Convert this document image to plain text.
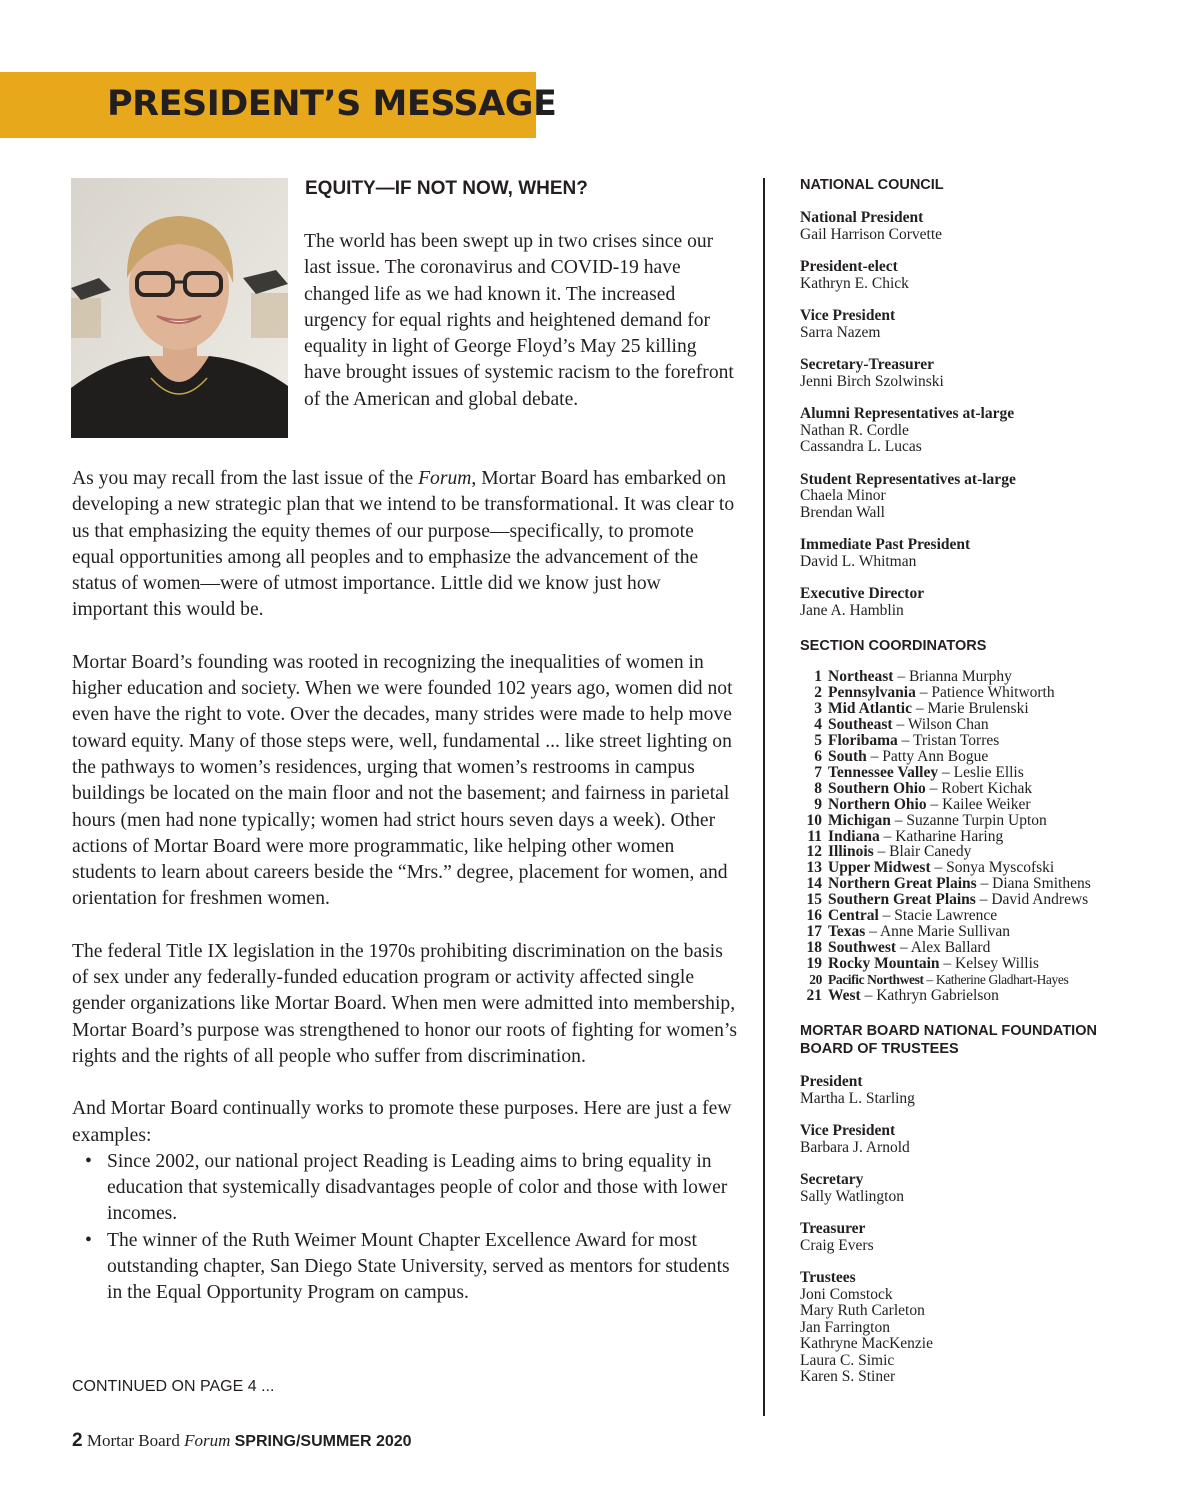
PRESIDENT’S MESSAGE
EQUITY—IF NOT NOW, WHEN?

The world has been swept up in two crises since our last issue. The coronavirus and COVID-19 have changed life as we had known it. The increased urgency for equal rights and heightened demand for equality in light of George Floyd’s May 25 killing have brought issues of systemic racism to the forefront of the American and global debate.

As you may recall from the last issue of the Forum, Mortar Board has embarked on developing a new strategic plan that we intend to be transformational. It was clear to us that emphasizing the equity themes of our purpose—specifically, to promote equal opportunities among all peoples and to emphasize the advancement of the status of women—were of utmost importance. Little did we know just how important this would be.

Mortar Board’s founding was rooted in recognizing the inequalities of women in higher education and society. When we were founded 102 years ago, women did not even have the right to vote. Over the decades, many strides were made to help move toward equity. Many of those steps were, well, fundamental ... like street lighting on the pathways to women’s residences, urging that women’s restrooms in campus buildings be located on the main floor and not the basement; and fairness in parietal hours (men had none typically; women had strict hours seven days a week). Other actions of Mortar Board were more programmatic, like helping other women students to learn about careers beside the “Mrs.” degree, placement for women, and orientation for freshmen women.

The federal Title IX legislation in the 1970s prohibiting discrimination on the basis of sex under any federally-funded education program or activity affected single gender organizations like Mortar Board. When men were admitted into membership, Mortar Board’s purpose was strengthened to honor our roots of fighting for women’s rights and the rights of all people who suffer from discrimination.

And Mortar Board continually works to promote these purposes. Here are just a few examples:

• Since 2002, our national project Reading is Leading aims to bring equality in education that systemically disadvantages people of color and those with lower incomes.
• The winner of the Ruth Weimer Mount Chapter Excellence Award for most outstanding chapter, San Diego State University, served as mentors for students in the Equal Opportunity Program on campus.

CONTINUED ON PAGE 4 ...

2 Mortar Board Forum SPRING/SUMMER 2020
NATIONAL COUNCIL
National President
Gail Harrison Corvette
President-elect
Kathryn E. Chick
Vice President
Sarra Nazem
Secretary-Treasurer
Jenni Birch Szolwinski
Alumni Representatives at-large
Nathan R. Cordle
Cassandra L. Lucas
Student Representatives at-large
Chaela Minor
Brendan Wall
Immediate Past President
David L. Whitman
Executive Director
Jane A. Hamblin
SECTION COORDINATORS
1 Northeast – Brianna Murphy
2 Pennsylvania – Patience Whitworth
3 Mid Atlantic – Marie Brulenski
4 Southeast – Wilson Chan
5 Floribama – Tristan Torres
6 South – Patty Ann Bogue
7 Tennessee Valley – Leslie Ellis
8 Southern Ohio – Robert Kichak
9 Northern Ohio – Kailee Weiker
10 Michigan – Suzanne Turpin Upton
11 Indiana – Katharine Haring
12 Illinois – Blair Canedy
13 Upper Midwest – Sonya Myscofski
14 Northern Great Plains – Diana Smithens
15 Southern Great Plains – David Andrews
16 Central – Stacie Lawrence
17 Texas – Anne Marie Sullivan
18 Southwest – Alex Ballard
19 Rocky Mountain – Kelsey Willis
20 Pacific Northwest – Katherine Gladhart-Hayes
21 West – Kathryn Gabrielson
MORTAR BOARD NATIONAL FOUNDATION
BOARD OF TRUSTEES
President
Martha L. Starling
Vice President
Barbara J. Arnold
Secretary
Sally Watlington
Treasurer
Craig Evers
Trustees
Joni Comstock
Mary Ruth Carleton
Jan Farrington
Kathryne MacKenzie
Laura C. Simic
Karen S. Stiner
